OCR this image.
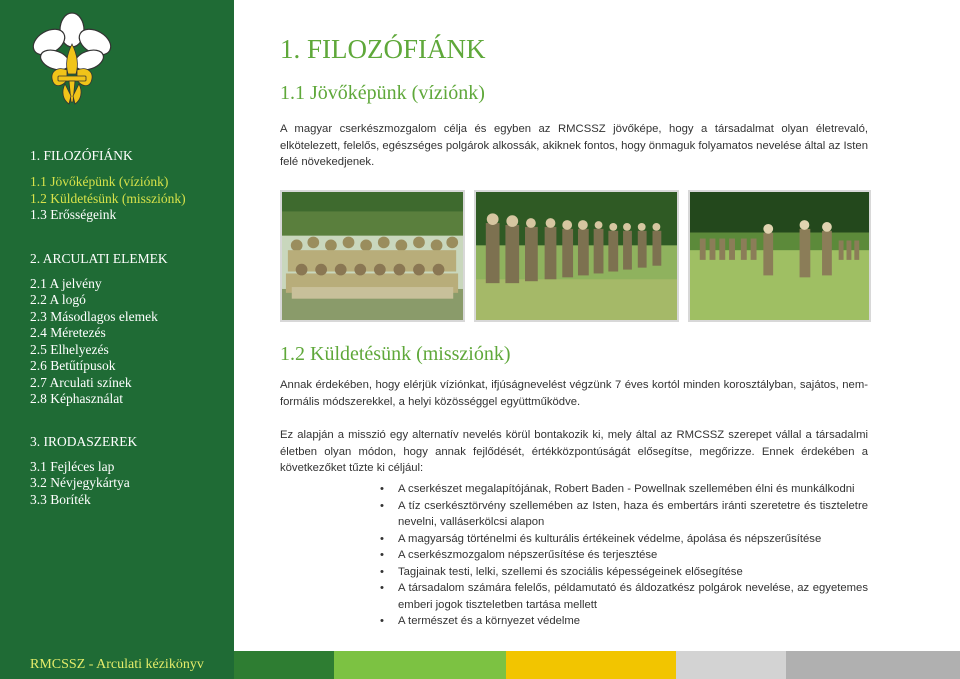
1. FILOZÓFIÁNK

1.1 Jövőképünk (víziónk)
1.2 Küldetésünk (missziónk)
1.3 Erősségeink

2. ARCULATI ELEMEK

2.1 A jelvény
2.2 A logó
2.3 Másodlagos elemek
2.4 Méretezés
2.5 Elhelyezés
2.6 Betűtípusok
2.7 Arculati színek
2.8 Képhasználat

3. IRODASZEREK

3.1 Fejléces lap
3.2 Névjegykártya
3.3 Boríték
RMCSSZ - Arculati kézikönyv
1. FILOZÓFIÁNK
1.1 Jövőképünk (víziónk)

A magyar cserkészmozgalom célja és egyben az RMCSSZ jövőképe, hogy a társadalmat olyan életrevaló, elkötelezett, felelős, egészséges polgárok alkossák, akiknek fontos, hogy önmaguk folyamatos nevelése által az Isten felé növekedjenek.

1.2 Küldetésünk (missziónk)

Annak érdekében, hogy elérjük víziónkat, ifjúságnevelést végzünk 7 éves kortól minden korosztályban, sajátos, nem-formális módszerekkel, a helyi közösséggel együttműködve.

Ez alapján a misszió egy alternatív nevelés körül bontakozik ki, mely által az RMCSSZ szerepet vállal a társadalmi életben olyan módon, hogy annak fejlődését, értékközpontúságát elősegítse, megőrizze. Ennek érdekében a következőket tűzte ki céljául:

• A cserkészet megalapítójának, Robert Baden - Powellnak szellemében élni és munkálkodni
• A tíz cserkésztörvény szellemében az Isten, haza és embertárs iránti szeretetre és tiszteletre nevelni, valláserkölcsi alapon
• A magyarság történelmi és kulturális értékeinek védelme, ápolása és népszerűsítése
• A cserkészmozgalom népszerűsítése és terjesztése
• Tagjainak testi, lelki, szellemi és szociális képességeinek elősegítése
• A társadalom számára felelős, példamutató és áldozatkész polgárok nevelése, az egyetemes emberi jogok tiszteletben tartása mellett
• A természet és a környezet védelme
